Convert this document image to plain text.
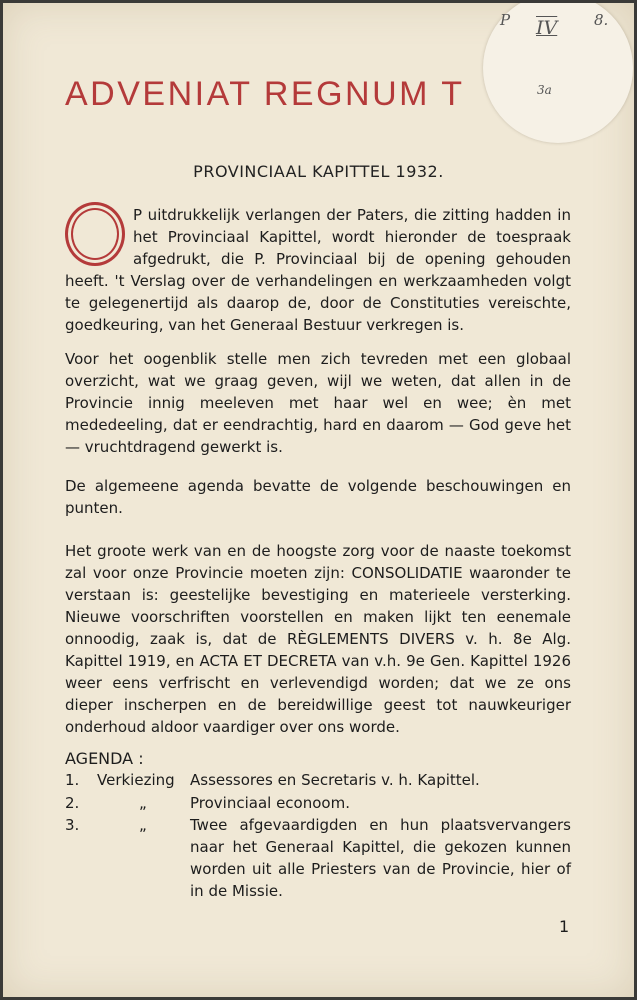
P IV 8.
3a
ADVENIAT REGNUM T
PROVINCIAAL KAPITTEL 1932.
P uitdrukkelijk verlangen der Paters, die zitting hadden in het Provinciaal Kapittel, wordt hieronder de toespraak afgedrukt, die P. Provinciaal bij de opening gehouden heeft. 't Verslag over de verhandelingen en werkzaamheden volgt te gelegenertijd als daarop de, door de Constituties vereischte, goedkeuring, van het Generaal Bestuur verkregen is.
Voor het oogenblik stelle men zich tevreden met een globaal overzicht, wat we graag geven, wijl we weten, dat allen in de Provincie innig meeleven met haar wel en wee; èn met mededeeling, dat er eendrachtig, hard en daarom — God geve het — vruchtdragend gewerkt is.
De algemeene agenda bevatte de volgende beschouwingen en punten.
Het groote werk van en de hoogste zorg voor de naaste toekomst zal voor onze Provincie moeten zijn: CONSOLIDATIE waaronder te verstaan is: geestelijke bevestiging en materieele versterking. Nieuwe voorschriften voorstellen en maken lijkt ten eenemale onnoodig, zaak is, dat de RÈGLEMENTS DIVERS v. h. 8e Alg. Kapittel 1919, en ACTA ET DECRETA van v.h. 9e Gen. Kapittel 1926 weer eens verfrischt en verlevendigd worden; dat we ze ons dieper inscherpen en de bereidwillige geest tot nauwkeuriger onderhoud aldoor vaardiger over ons worde.
AGENDA :
1.	Verkiezing	Assessores en Secretaris v. h. Kapittel.
2.	„	Provinciaal econoom.
3.	„	Twee afgevaardigden en hun plaatsvervangers naar het Generaal Kapittel, die gekozen kunnen worden uit alle Priesters van de Provincie, hier of in de Missie.
1
